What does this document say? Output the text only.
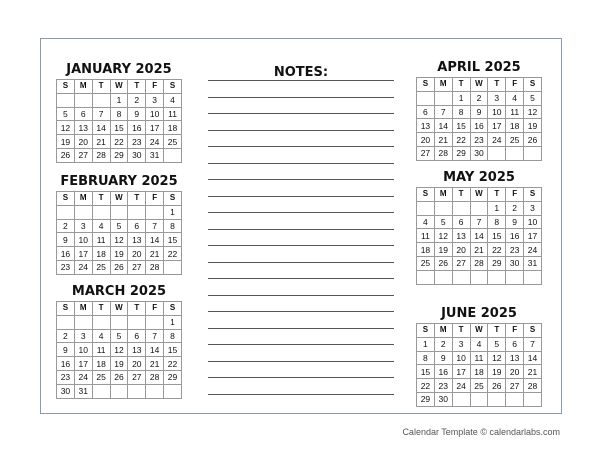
JANUARY 2025
S	M	T	W	T	F	S
			1	2	3	4
5	6	7	8	9	10	11
12	13	14	15	16	17	18
19	20	21	22	23	24	25
26	27	28	29	30	31	
FEBRUARY 2025
S	M	T	W	T	F	S
						1
2	3	4	5	6	7	8
9	10	11	12	13	14	15
16	17	18	19	20	21	22
23	24	25	26	27	28	
MARCH 2025
S	M	T	W	T	F	S
						1
2	3	4	5	6	7	8
9	10	11	12	13	14	15
16	17	18	19	20	21	22
23	24	25	26	27	28	29
30	31					
APRIL 2025
S	M	T	W	T	F	S
		1	2	3	4	5
6	7	8	9	10	11	12
13	14	15	16	17	18	19
20	21	22	23	24	25	26
27	28	29	30			
MAY 2025
S	M	T	W	T	F	S
				1	2	3
4	5	6	7	8	9	10
11	12	13	14	15	16	17
18	19	20	21	22	23	24
25	26	27	28	29	30	31

JUNE 2025
S	M	T	W	T	F	S
1	2	3	4	5	6	7
8	9	10	11	12	13	14
15	16	17	18	19	20	21
22	23	24	25	26	27	28
29	30					
NOTES:
Calendar Template © calendarlabs.com
